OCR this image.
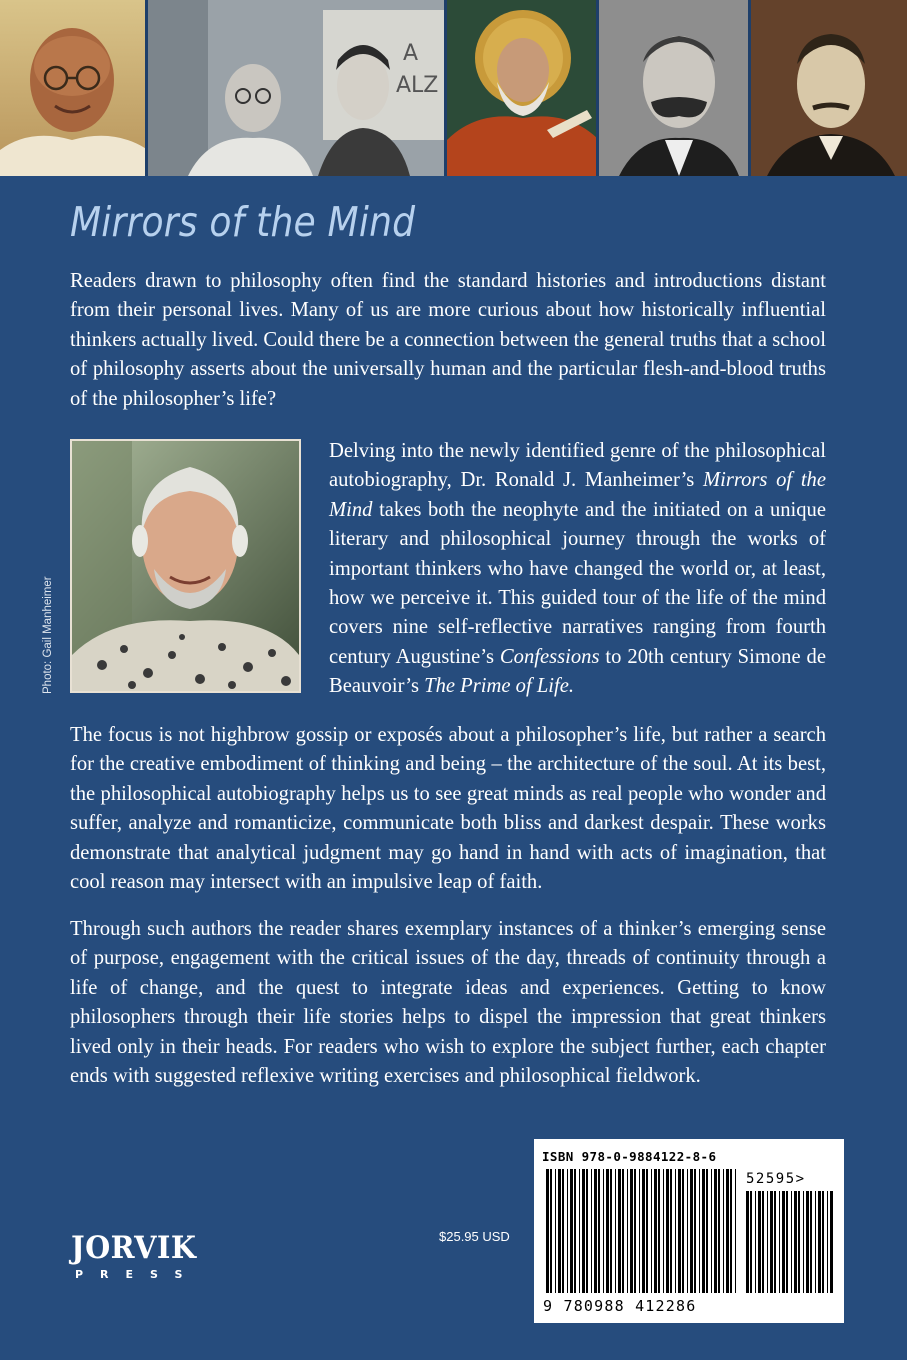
A
ALZ
Mirrors of the Mind

Readers drawn to philosophy often find the standard histories and introductions distant from their personal lives. Many of us are more curious about how historically influential thinkers actually lived. Could there be a connection between the general truths that a school of philosophy asserts about the universally human and the particular flesh-and-blood truths of the philosopher’s life?

Photo: Gail Manheimer

Delving into the newly identified genre of the philosophical autobiography, Dr. Ronald J. Manheimer’s Mirrors of the Mind takes both the neophyte and the initiated on a unique literary and philosophical journey through the works of important thinkers who have changed the world or, at least, how we perceive it. This guided tour of the life of the mind covers nine self-reflective narratives ranging from fourth century Augustine’s Confessions to 20th century Simone de Beauvoir’s The Prime of Life.

The focus is not highbrow gossip or exposés about a philosopher’s life, but rather a search for the creative embodiment of thinking and being – the architecture of the soul. At its best, the philosophical autobiography helps us to see great minds as real people who wonder and suffer, analyze and romanticize, communicate both bliss and darkest despair. These works demonstrate that analytical judgment may go hand in hand with acts of imagination, that cool reason may intersect with an impulsive leap of faith.

Through such authors the reader shares exemplary instances of a thinker’s emerging sense of purpose, engagement with the critical issues of the day, threads of continuity through a life of change, and the quest to integrate ideas and experiences. Getting to know philosophers through their life stories helps to dispel the impression that great thinkers lived only in their heads. For readers who wish to explore the subject further, each chapter ends with suggested reflexive writing exercises and philosophical fieldwork.

JORVIK
PRESS
$25.95 USD
ISBN 978-0-9884122-8-6
52595>
9 780988 412286
